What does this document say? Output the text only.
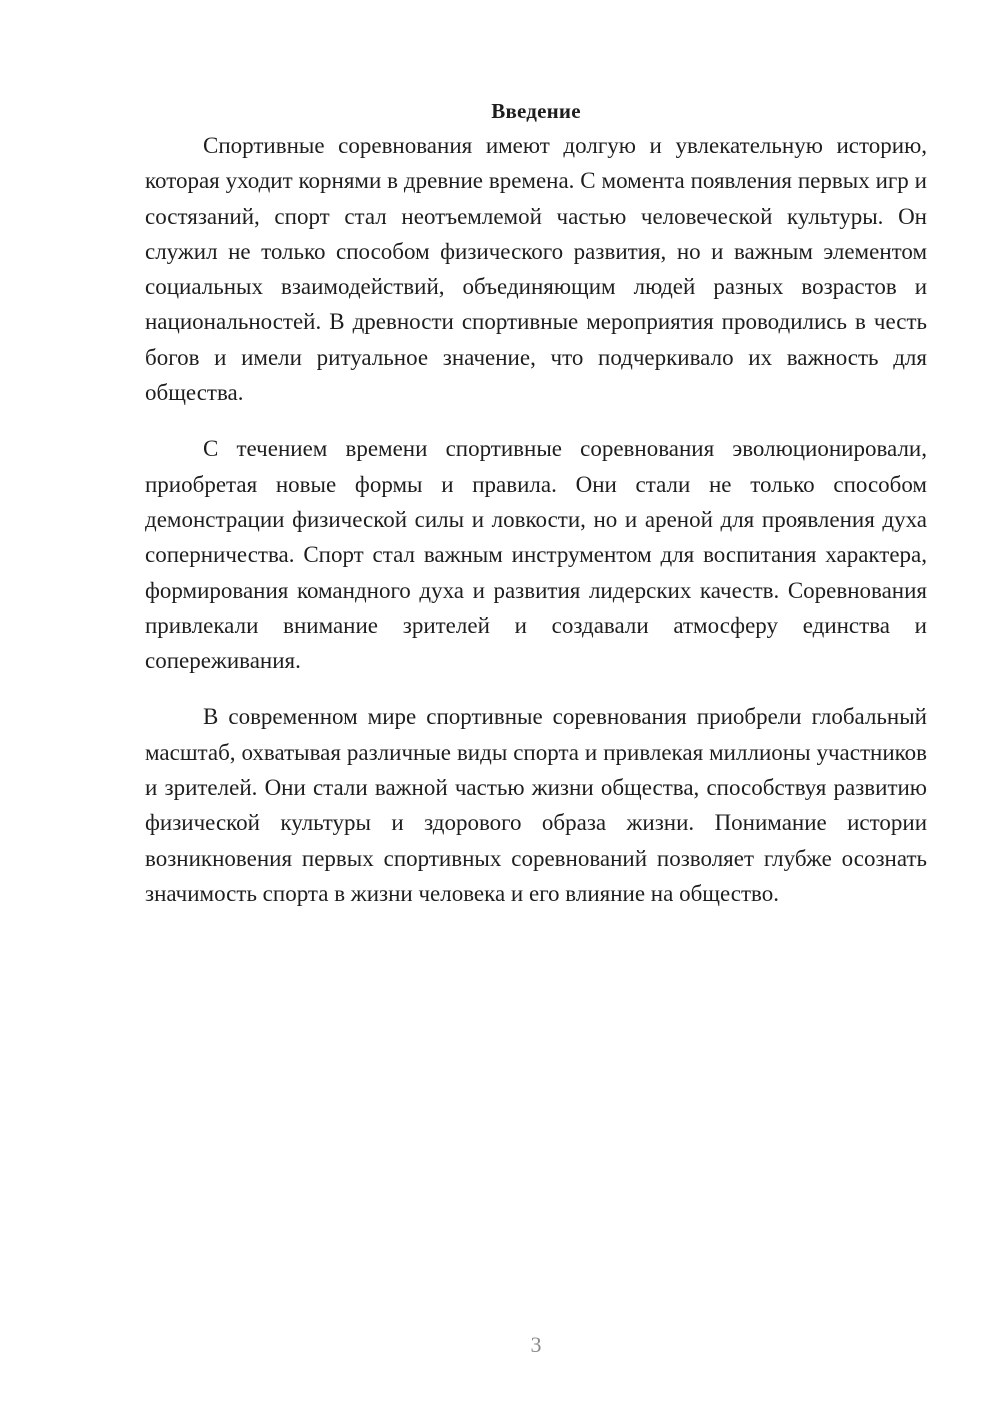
Введение

Спортивные соревнования имеют долгую и увлекательную историю, которая уходит корнями в древние времена. С момента появления первых игр и состязаний, спорт стал неотъемлемой частью человеческой культуры. Он служил не только способом физического развития, но и важным элементом социальных взаимодействий, объединяющим людей разных возрастов и национальностей. В древности спортивные мероприятия проводились в честь богов и имели ритуальное значение, что подчеркивало их важность для общества.

С течением времени спортивные соревнования эволюционировали, приобретая новые формы и правила. Они стали не только способом демонстрации физической силы и ловкости, но и ареной для проявления духа соперничества. Спорт стал важным инструментом для воспитания характера, формирования командного духа и развития лидерских качеств. Соревнования привлекали внимание зрителей и создавали атмосферу единства и сопереживания.

В современном мире спортивные соревнования приобрели глобальный масштаб, охватывая различные виды спорта и привлекая миллионы участников и зрителей. Они стали важной частью жизни общества, способствуя развитию физической культуры и здорового образа жизни. Понимание истории возникновения первых спортивных соревнований позволяет глубже осознать значимость спорта в жизни человека и его влияние на общество.

3
